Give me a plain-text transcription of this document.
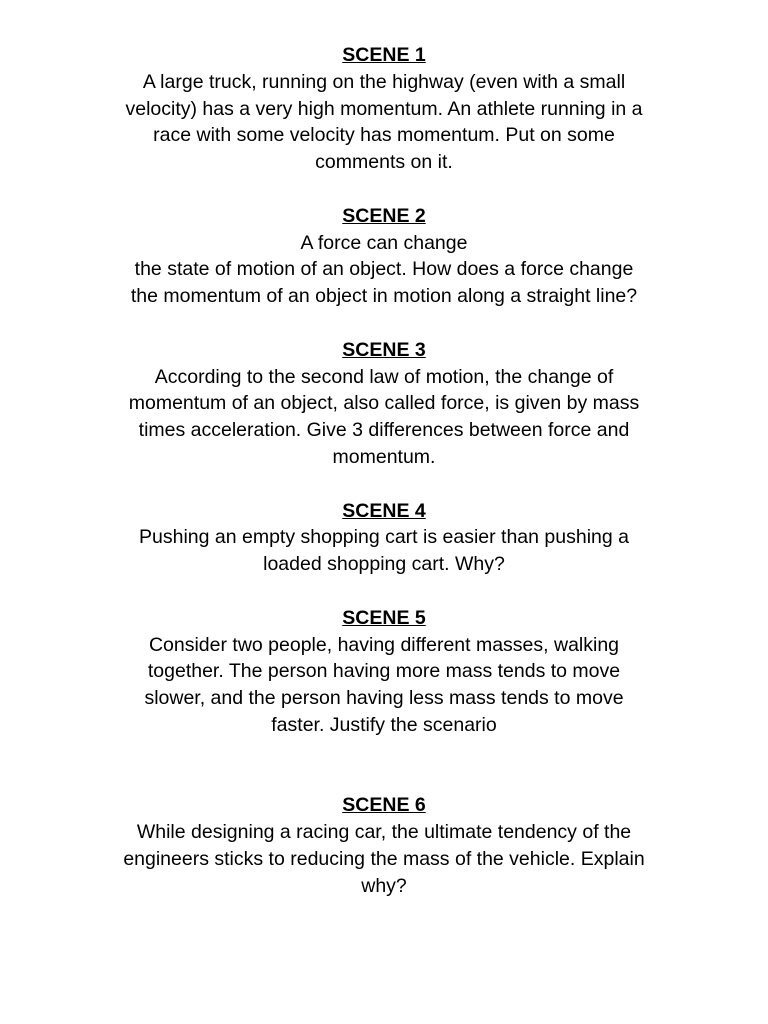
SCENE 1
A large truck, running on the highway (even with a small
velocity) has a very high momentum. An athlete running in a
race with some velocity has momentum. Put on some
comments on it.
SCENE 2
A force can change
the state of motion of an object. How does a force change
the momentum of an object in motion along a straight line?
SCENE 3
According to the second law of motion, the change of
momentum of an object, also called force, is given by mass
times acceleration. Give 3 differences between force and
momentum.
SCENE 4
Pushing an empty shopping cart is easier than pushing a
loaded shopping cart. Why?
SCENE 5
Consider two people, having different masses, walking
together. The person having more mass tends to move
slower, and the person having less mass tends to move
faster. Justify the scenario
SCENE 6
While designing a racing car, the ultimate tendency of the
engineers sticks to reducing the mass of the vehicle. Explain
why?
